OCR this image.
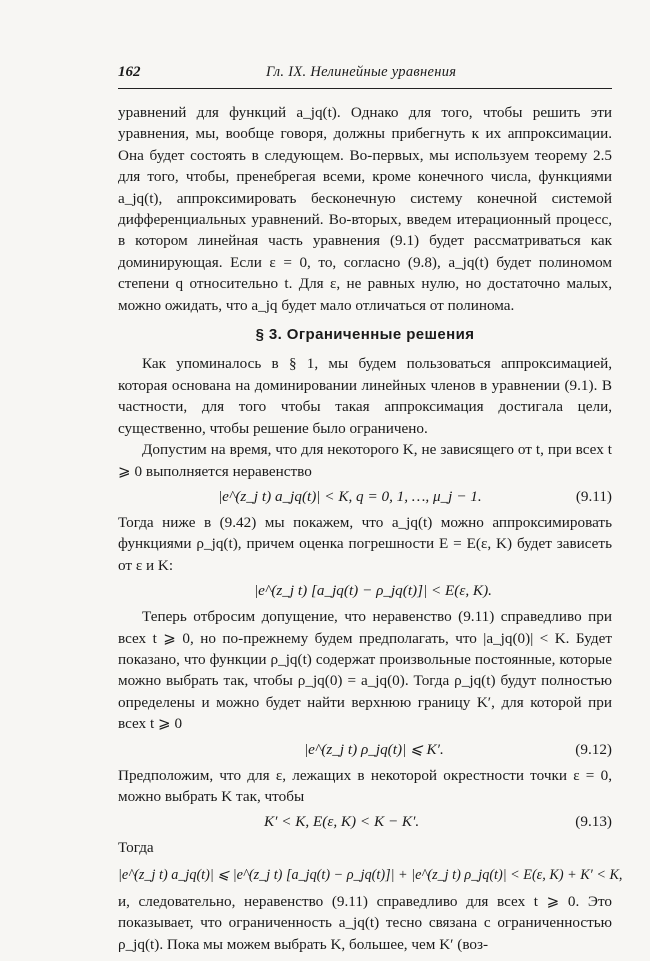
162	Гл. IX. Нелинейные уравнения

уравнений для функций a_jq(t). Однако для того, чтобы решить эти уравнения, мы, вообще говоря, должны прибегнуть к их аппроксимации. Она будет состоять в следующем. Во-первых, мы используем теорему 2.5 для того, чтобы, пренебрегая всеми, кроме конечного числа, функциями a_jq(t), аппроксимировать бесконечную систему конечной системой дифференциальных уравнений. Во-вторых, введем итерационный процесс, в котором линейная часть уравнения (9.1) будет рассматриваться как доминирующая. Если ε = 0, то, согласно (9.8), a_jq(t) будет полиномом степени q относительно t. Для ε, не равных нулю, но достаточно малых, можно ожидать, что a_jq будет мало отличаться от полинома.

§ 3. Ограниченные решения

Как упоминалось в § 1, мы будем пользоваться аппроксимацией, которая основана на доминировании линейных членов в уравнении (9.1). В частности, для того чтобы такая аппроксимация достигала цели, существенно, чтобы решение было ограничено.

Допустим на время, что для некоторого K, не зависящего от t, при всех t ⩾ 0 выполняется неравенство

|e^(z_j t) a_jq(t)| < K, q = 0, 1, …, μ_j − 1.	(9.11)

Тогда ниже в (9.42) мы покажем, что a_jq(t) можно аппроксимировать функциями ρ_jq(t), причем оценка погрешности E = E(ε, K) будет зависеть от ε и K:

|e^(z_j t) [a_jq(t) − ρ_jq(t)]| < E(ε, K).

Теперь отбросим допущение, что неравенство (9.11) справедливо при всех t ⩾ 0, но по-прежнему будем предполагать, что |a_jq(0)| < K. Будет показано, что функции ρ_jq(t) содержат произвольные постоянные, которые можно выбрать так, чтобы ρ_jq(0) = a_jq(0). Тогда ρ_jq(t) будут полностью определены и можно будет найти верхнюю границу K′, для которой при всех t ⩾ 0

|e^(z_j t) ρ_jq(t)| ⩽ K′.	(9.12)

Предположим, что для ε, лежащих в некоторой окрестности точки ε = 0, можно выбрать K так, чтобы

K′ < K, E(ε, K) < K − K′.	(9.13)

Тогда

|e^(z_j t) a_jq(t)| ⩽ |e^(z_j t) [a_jq(t) − ρ_jq(t)]| + |e^(z_j t) ρ_jq(t)| < E(ε, K) + K′ < K,

и, следовательно, неравенство (9.11) справедливо для всех t ⩾ 0. Это показывает, что ограниченность a_jq(t) тесно связана с ограниченностью ρ_jq(t). Пока мы можем выбрать K, большее, чем K′ (воз-
